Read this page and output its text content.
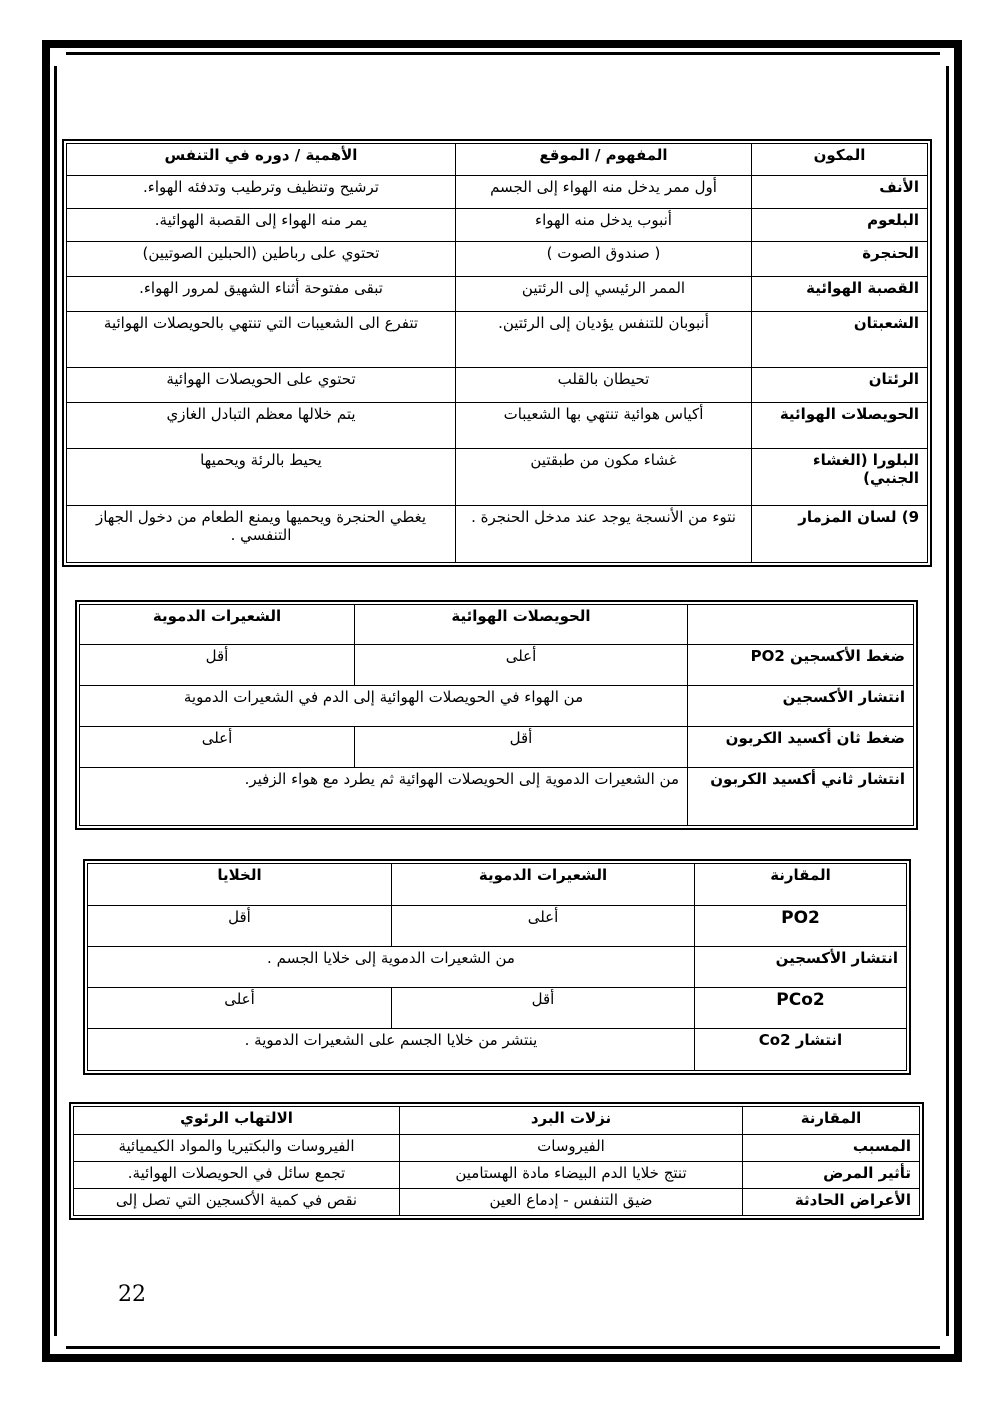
المكون	المفهوم / الموقع	الأهمية / دوره في التنفس
الأنف	أول ممر يدخل منه الهواء إلى الجسم	ترشيح وتنظيف وترطيب وتدفئه الهواء.
البلعوم	أنبوب يدخل منه الهواء	يمر منه الهواء إلى القصبة الهوائية.
الحنجرة	( صندوق الصوت )	تحتوي على رباطين (الحبلين الصوتيين)
القصبة الهوائية	الممر الرئيسي إلى الرئتين	تبقى مفتوحة أثناء الشهيق لمرور الهواء.
الشعبتان	أنبوبان للتنفس يؤديان إلى الرئتين.	تتفرع الى الشعيبات التي تنتهي بالحويصلات الهوائية
الرئتان	تحيطان بالقلب	تحتوي على الحويصلات الهوائية
الحويصلات الهوائية	أكياس هوائية تنتهي بها الشعيبات	يتم خلالها معظم التبادل الغازي
البلورا (الغشاء الجنبي)	غشاء مكون من طبقتين	يحيط بالرئة ويحميها
9) لسان المزمار	نتوء من الأنسجة يوجد عند مدخل الحنجرة .	يغطي الحنجرة ويحميها ويمنع الطعام من دخول الجهاز التنفسي .
	الحويصلات الهوائية	الشعيرات الدموية
ضغط الأكسجين PO2	أعلى	أقل
انتشار الأكسجين	من الهواء في الحويصلات الهوائية إلى الدم في الشعيرات الدموية	
ضغط ثان أكسيد الكربون	أقل	أعلى
انتشار ثاني أكسيد الكربون	من الشعيرات الدموية إلى الحويصلات الهوائية ثم يطرد مع هواء الزفير.	
المقارنة	الشعيرات الدموية	الخلايا
PO2	أعلى	أقل
انتشار الأكسجين	من الشعيرات الدموية إلى خلايا الجسم .	
PCo2	أقل	أعلى
انتشار Co2	ينتشر من خلايا الجسم على الشعيرات الدموية .	
المقارنة	نزلات البرد	الالتهاب الرئوي
المسبب	الفيروسات	الفيروسات والبكتيريا والمواد الكيميائية
تأثير المرض	تنتج خلايا الدم البيضاء مادة الهستامين	تجمع سائل في الحويصلات الهوائية.
الأعراض الحادثة	ضيق التنفس - إدماع العين	نقص في كمية الأكسجين التي تصل إلى
22
